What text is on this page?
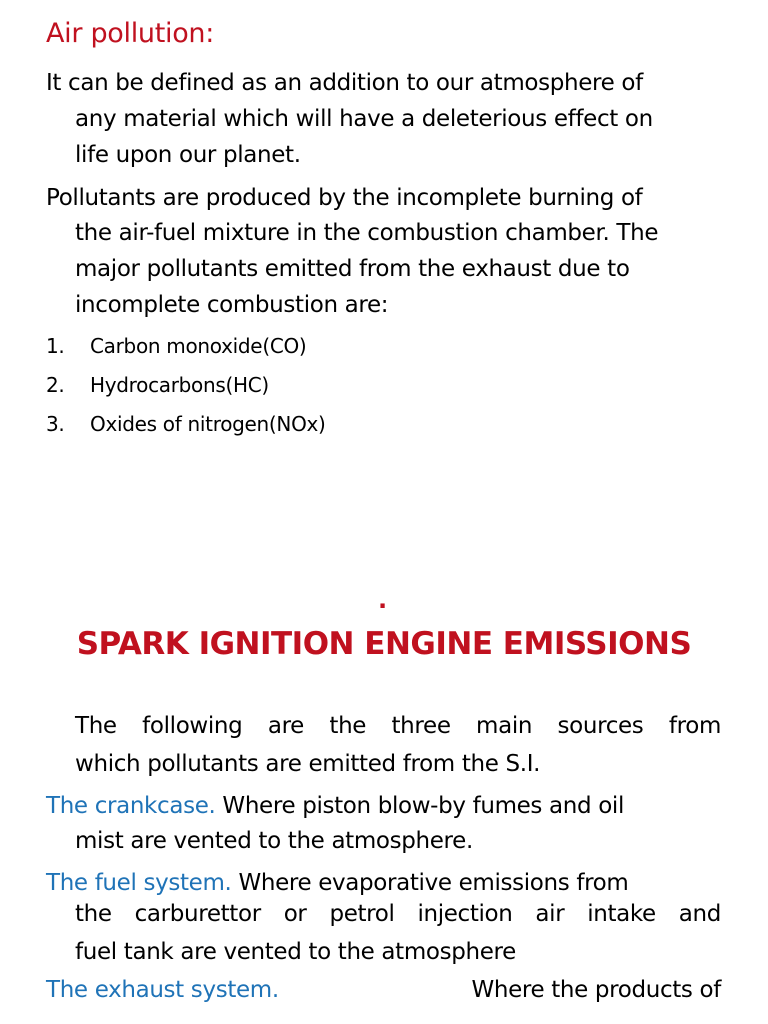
Air pollution:
It can be defined as an addition to our atmosphere of
any material which will have a deleterious effect on
life upon our planet.
Pollutants are produced by the incomplete burning of
the air-fuel mixture in the combustion chamber. The
major pollutants emitted from the exhaust due to
incomplete combustion are:
1. Carbon monoxide(CO)
2. Hydrocarbons(HC)
3. Oxides of nitrogen(NOx)
.
SPARK IGNITION ENGINE EMISSIONS
The following are the three main sources from
which pollutants are emitted from the S.I.
The crankcase. Where piston blow-by fumes and oil
mist are vented to the atmosphere.
The fuel system. Where evaporative emissions from
the carburettor or petrol injection air intake and
fuel tank are vented to the atmosphere
The exhaust system.	Where the products of
